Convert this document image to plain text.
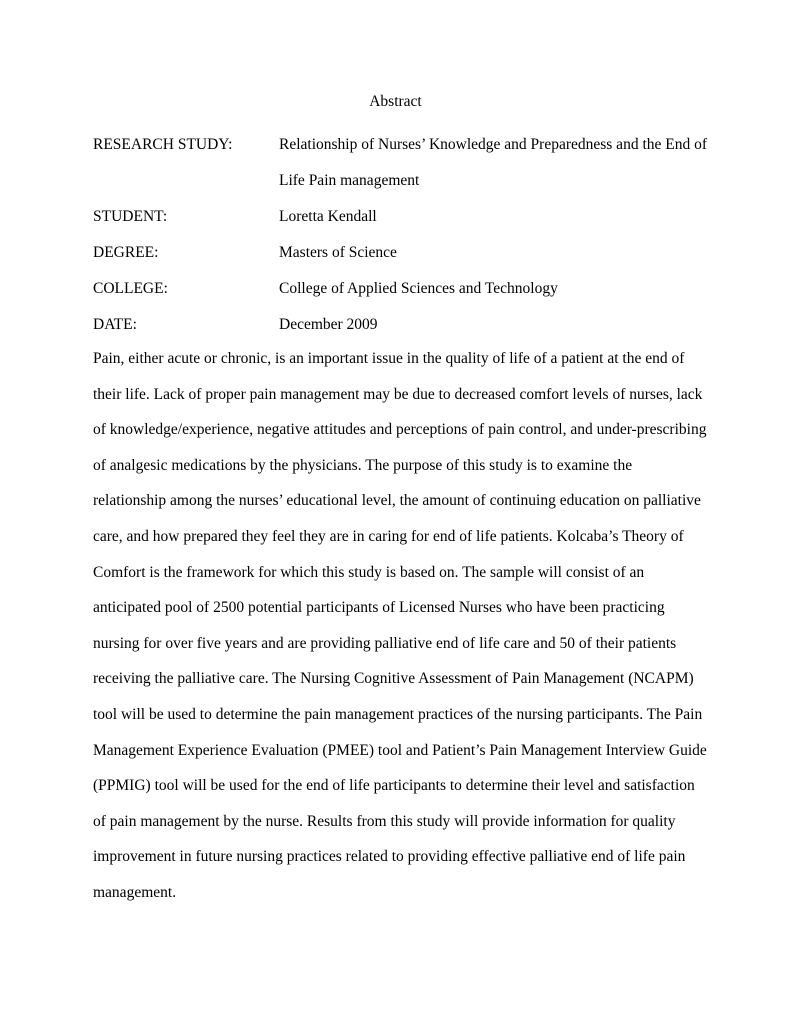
Abstract
RESEARCH STUDY:	Relationship of Nurses’ Knowledge and Preparedness and the End of Life Pain management
STUDENT:	Loretta Kendall
DEGREE:	Masters of Science
COLLEGE:	College of Applied Sciences and Technology
DATE:	December 2009

Pain, either acute or chronic, is an important issue in the quality of life of a patient at the end of their life. Lack of proper pain management may be due to decreased comfort levels of nurses, lack of knowledge/experience, negative attitudes and perceptions of pain control, and under-prescribing of analgesic medications by the physicians. The purpose of this study is to examine the relationship among the nurses’ educational level, the amount of continuing education on palliative care, and how prepared they feel they are in caring for end of life patients. Kolcaba’s Theory of Comfort is the framework for which this study is based on. The sample will consist of an anticipated pool of 2500 potential participants of Licensed Nurses who have been practicing nursing for over five years and are providing palliative end of life care and 50 of their patients receiving the palliative care. The Nursing Cognitive Assessment of Pain Management (NCAPM) tool will be used to determine the pain management practices of the nursing participants. The Pain Management Experience Evaluation (PMEE) tool and Patient’s Pain Management Interview Guide (PPMIG) tool will be used for the end of life participants to determine their level and satisfaction of pain management by the nurse. Results from this study will provide information for quality improvement in future nursing practices related to providing effective palliative end of life pain management.
